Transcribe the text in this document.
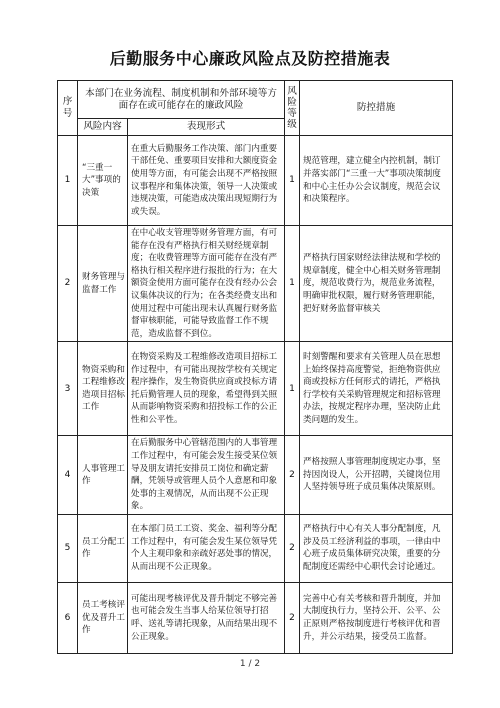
后勤服务中心廉政风险点及防控措施表
序号	本部门在业务流程、制度机制和外部环境等方面存在或可能存在的廉政风险		风险等级	防控措施
	风险内容	表现形式		
1	“三重一大”事项的决策	在重大后勤服务工作决策、部门内重要干部任免、重要项目安排和大额度资金使用等方面，有可能会出现不严格按照议事程序和集体决策，领导一人决策或违规决策，可能造成决策出现短期行为或失误。	1	规范管理，建立健全内控机制，制订并落实部门“三重一大”事项决策制度和中心主任办公会议制度，规范会议和决策程序。
2	财务管理与监督工作	在中心收支管理等财务管理方面，有可能存在没有严格执行相关财经规章制度；在收费管理等方面可能存在没有严格执行相关程序进行报批的行为；在大额资金使用方面可能存在没有经办公会议集体决议的行为；在各类经费支出和使用过程中可能出现未认真履行财务监督审核职能，可能导致监督工作不规范，造成监督不到位。	1	严格执行国家财经法律法规和学校的规章制度，健全中心相关财务管理制度，规范收费行为，规范业务流程，明确审批权限，履行财务管理职能，把好财务监督审核关
3	物资采购和工程维修改造项目招标工作	在物资采购及工程维修改造项目招标工作过程中，有可能出现按学校有关规定程序操作，发生物资供应商或投标方请托后勤管理人员的现象，希望得到关照从而影响物资采购和招投标工作的公正性和公平性。	1	时刻警醒和要求有关管理人员在思想上始终保持高度警觉，拒绝物资供应商或投标方任何形式的请托，严格执行学校有关采购管理规定和招标管理办法，按规定程序办理，坚决防止此类问题的发生。
4	人事管理工作	在后勤服务中心管辖范围内的人事管理工作过程中，有可能会发生接受某位领导及朋友请托安排员工岗位和确定薪酬，凭领导或管理人员个人意愿和印象处事的主观情况，从而出现不公正现象。	2	严格按照人事管理制度规定办事，坚持因岗设人，公开招聘，关键岗位用人坚持领导班子成员集体决策原则。
5	员工分配工作	在本部门员工工资、奖金、福利等分配工作过程中，有可能会发生某位领导凭个人主观印象和亲疏好恶处事的情况，从而出现不公正现象。	2	严格执行中心有关人事分配制度，凡涉及员工经济利益的事项，一律由中心班子成员集体研究决策，重要的分配制度还需经中心职代会讨论通过。
6	员工考核评优及晋升工作	可能出现考核评优及晋升制定不够完善也可能会发生当事人给某位领导打招呼、送礼等请托现象，从而结果出现不公正现象。	2	完善中心有关考核和晋升制度，并加大制度执行力，坚持公开、公平、公正原则严格按制度进行考核评优和晋升，并公示结果，接受员工监督。
1 / 2
